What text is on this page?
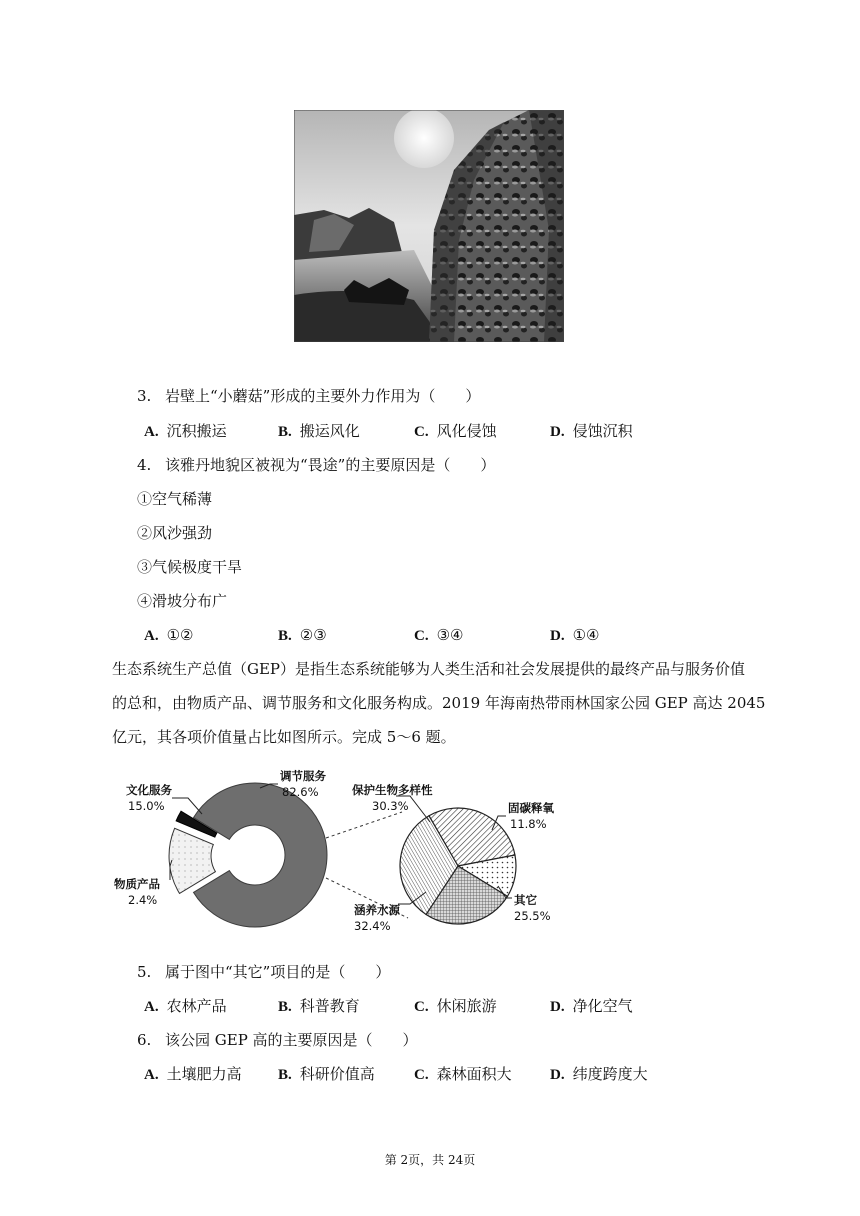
3. 岩壁上“小蘑菇”形成的主要外力作用为（　　）
A. 沉积搬运	B. 搬运风化	C. 风化侵蚀	D. 侵蚀沉积
4. 该雅丹地貌区被视为“畏途”的主要原因是（　　）
①空气稀薄
②风沙强劲
③气候极度干旱
④滑坡分布广
A. ①②	B. ②③	C. ③④	D. ①④
生态系统生产总值（GEP）是指生态系统能够为人类生活和社会发展提供的最终产品与服务价值
的总和，由物质产品、调节服务和文化服务构成。2019 年海南热带雨林国家公园 GEP 高达 2045
亿元，其各项价值量占比如图所示。完成 5～6 题。
文化服务
15.0%
调节服务
82.6%
物质产品
2.4%
保护生物多样性
30.3%	固碳释氧
11.8%
其它
25.5%
涵养水源
32.4%
5. 属于图中“其它”项目的是（　　）
A. 农林产品	B. 科普教育	C. 休闲旅游	D. 净化空气
6. 该公园 GEP 高的主要原因是（　　）
A. 土壤肥力高 B. 科研价值高	C. 森林面积大	D. 纬度跨度大
第 2页，共 24页
